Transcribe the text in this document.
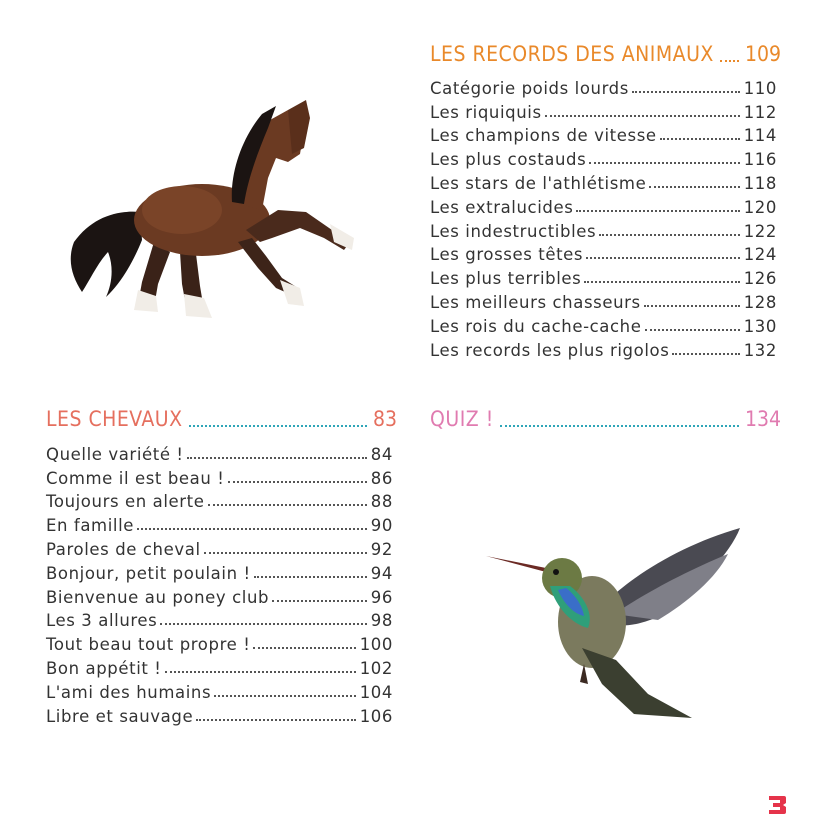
LES RECORDS DES ANIMAUX 109
Catégorie poids lourds	110
Les riquiquis	112
Les champions de vitesse	114
Les plus costauds	116
Les stars de l'athlétisme	118
Les extralucides	120
Les indestructibles	122
Les grosses têtes	124
Les plus terribles	126
Les meilleurs chasseurs	128
Les rois du cache-cache	130
Les records les plus rigolos	132
LES CHEVAUX	83
Quelle variété !	84
Comme il est beau !	86
Toujours en alerte	88
En famille	90
Paroles de cheval	92
Bonjour, petit poulain !	94
Bienvenue au poney club	96
Les 3 allures	98
Tout beau tout propre !	100
Bon appétit !	102
L'ami des humains	104
Libre et sauvage	106
QUIZ !	134
